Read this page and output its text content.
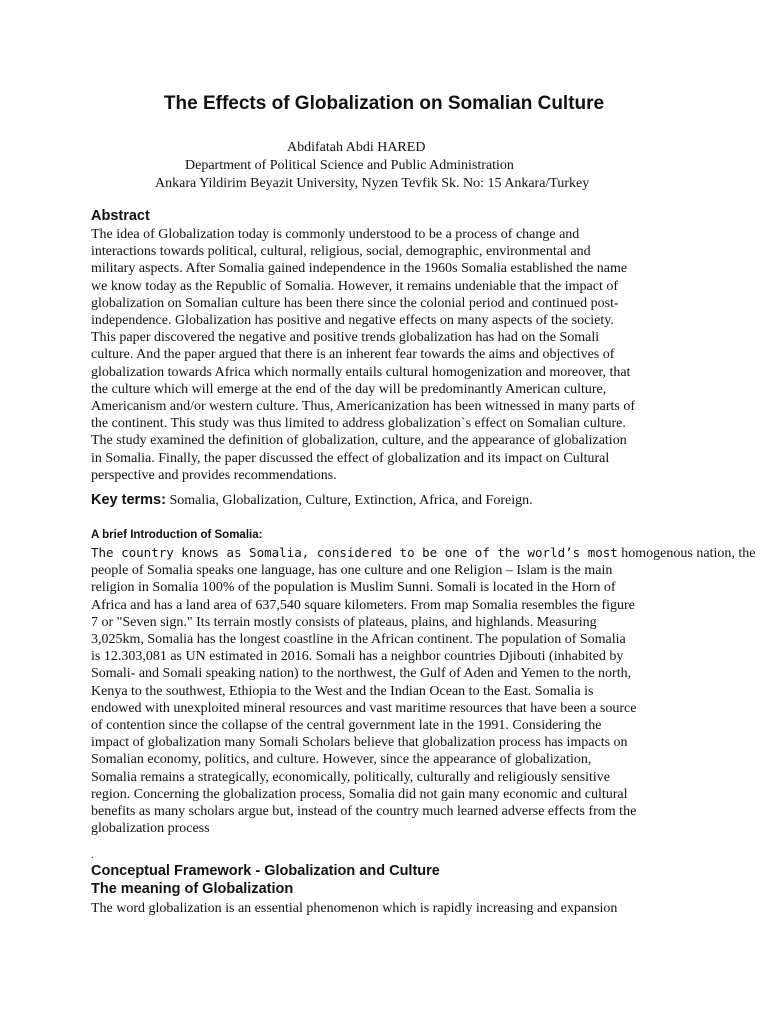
The Effects of Globalization on Somalian Culture
Abdifatah Abdi HARED
Department of Political Science and Public Administration
Ankara Yildirim Beyazit University, Nyzen Tevfik Sk. No: 15 Ankara/Turkey
Abstract
The idea of Globalization today is commonly understood to be a process of change and
interactions towards political, cultural, religious, social, demographic, environmental and
military aspects. After Somalia gained independence in the 1960s Somalia established the name
we know today as the Republic of Somalia. However, it remains undeniable that the impact of
globalization on Somalian culture has been there since the colonial period and continued post-
independence. Globalization has positive and negative effects on many aspects of the society.
This paper discovered the negative and positive trends globalization has had on the Somali
culture. And the paper argued that there is an inherent fear towards the aims and objectives of
globalization towards Africa which normally entails cultural homogenization and moreover, that
the culture which will emerge at the end of the day will be predominantly American culture,
Americanism and/or western culture. Thus, Americanization has been witnessed in many parts of
the continent. This study was thus limited to address globalization`s effect on Somalian culture.
The study examined the definition of globalization, culture, and the appearance of globalization
in Somalia. Finally, the paper discussed the effect of globalization and its impact on Cultural
perspective and provides recommendations.
Key terms: Somalia, Globalization, Culture, Extinction, Africa, and Foreign.
A brief Introduction of Somalia:
The country knows as Somalia, considered to be one of the world’s most homogenous nation, the
people of Somalia speaks one language, has one culture and one Religion – Islam is the main
religion in Somalia 100% of the population is Muslim Sunni. Somali is located in the Horn of
Africa and has a land area of 637,540 square kilometers. From map Somalia resembles the figure
7 or "Seven sign." Its terrain mostly consists of plateaus, plains, and highlands. Measuring
3,025km, Somalia has the longest coastline in the African continent. The population of Somalia
is 12.303,081 as UN estimated in 2016. Somali has a neighbor countries Djibouti (inhabited by
Somali- and Somali speaking nation) to the northwest, the Gulf of Aden and Yemen to the north,
Kenya to the southwest, Ethiopia to the West and the Indian Ocean to the East. Somalia is
endowed with unexploited mineral resources and vast maritime resources that have been a source
of contention since the collapse of the central government late in the 1991. Considering the
impact of globalization many Somali Scholars believe that globalization process has impacts on
Somalian economy, politics, and culture. However, since the appearance of globalization,
Somalia remains a strategically, economically, politically, culturally and religiously sensitive
region. Concerning the globalization process, Somalia did not gain many economic and cultural
benefits as many scholars argue but, instead of the country much learned adverse effects from the
globalization process
.
Conceptual Framework - Globalization and Culture
The meaning of Globalization
The word globalization is an essential phenomenon which is rapidly increasing and expansion
